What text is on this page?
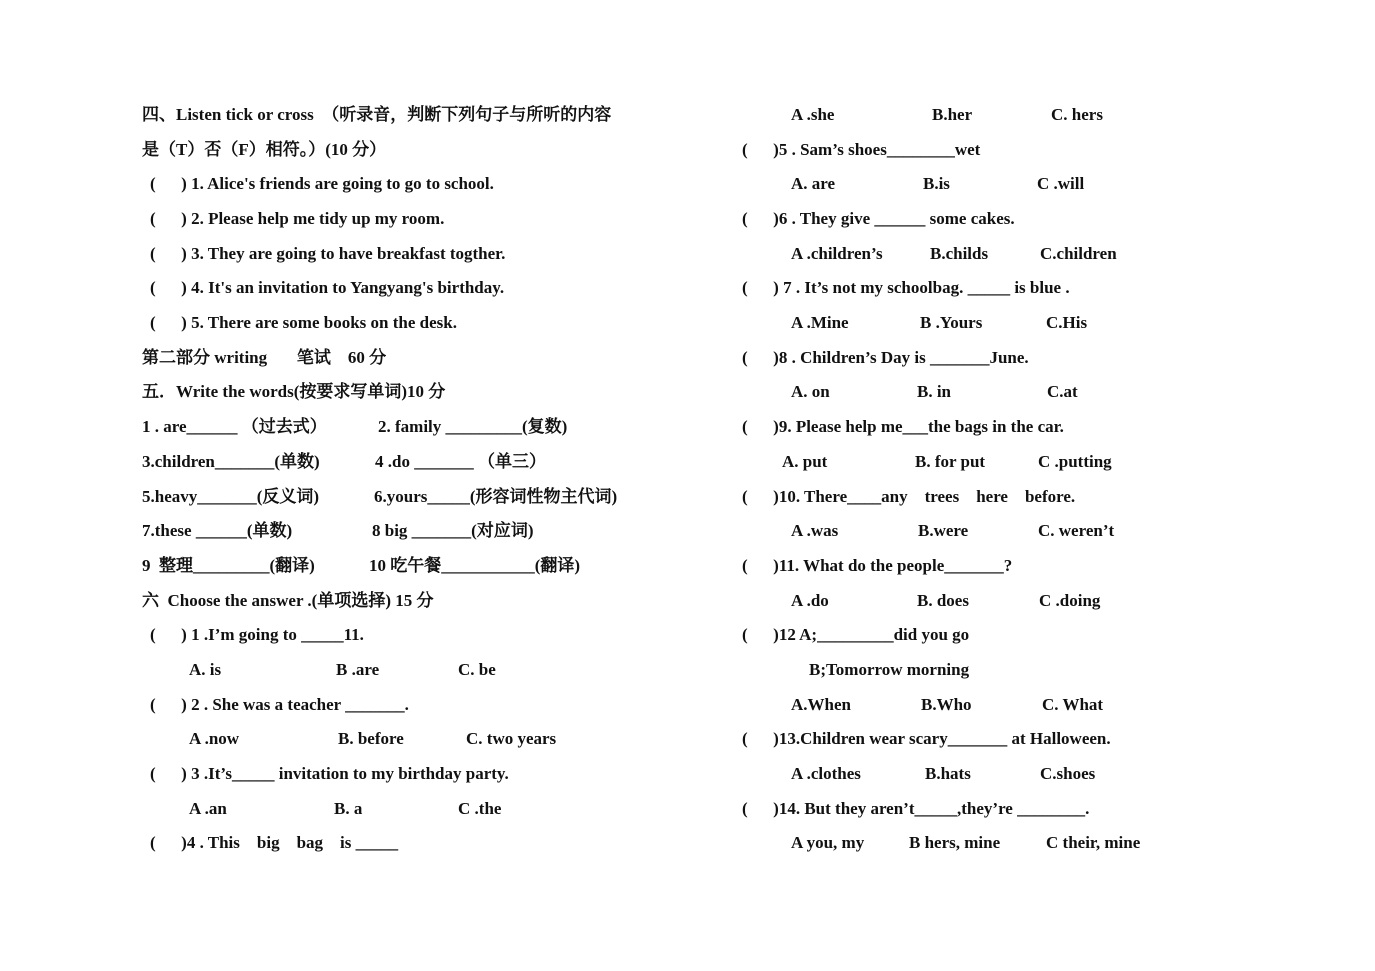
四、Listen tick or cross  （听录音，判断下列句子与所听的内容
是（T）否（F）相符。）(10 分）
(      ) 1. Alice's friends are going to go to school.
(      ) 2. Please help me tidy up my room.
(      ) 3. They are going to have breakfast togther.
(      ) 4. It's an invitation to Yangyang's birthday.
(      ) 5. There are some books on the desk.
第二部分 writing       笔试    60 分
五．Write the words(按要求写单词)10 分
1 . are______ （过去式）	2. family _________(复数)
3.children_______(单数)	4 .do _______ （单三）
5.heavy_______(反义词)	6.yours_____(形容词性物主代词)
7.these ______(单数)	8 big _______(对应词)
9  整理_________(翻译)	10 吃午餐___________(翻译)
六  Choose the answer .(单项选择) 15 分
(      ) 1 .I’m going to _____11.
A. is	B .are	C. be
(      ) 2 . She was a teacher _______.
A .now	B. before	C. two years
(      ) 3 .It’s_____ invitation to my birthday party.
A .an	B. a	C .the
(      )4 . This    big    bag    is _____
A .she	B.her	C. hers
(      )5 . Sam’s shoes________wet
A. are	B.is	C .will
(      )6 . They give ______ some cakes.
A .children’s	B.childs	C.children
(      ) 7 . It’s not my schoolbag. _____ is blue .
A .Mine	B .Yours	C.His
(      )8 . Children’s Day is _______June.
A. on	B. in	C.at
(      )9. Please help me___the bags in the car.
A. put	B. for put	C .putting
(      )10. There____any    trees    here    before.
A .was	B.were	C. weren’t
(      )11. What do the people_______?
A .do	B. does	C .doing
(      )12 A;_________did you go
B;Tomorrow morning
A.When	B.Who	C. What
(      )13.Children wear scary_______ at Halloween.
A .clothes	B.hats	C.shoes
(      )14. But they aren’t_____,they’re ________.
A you, my	B hers, mine	C their, mine
